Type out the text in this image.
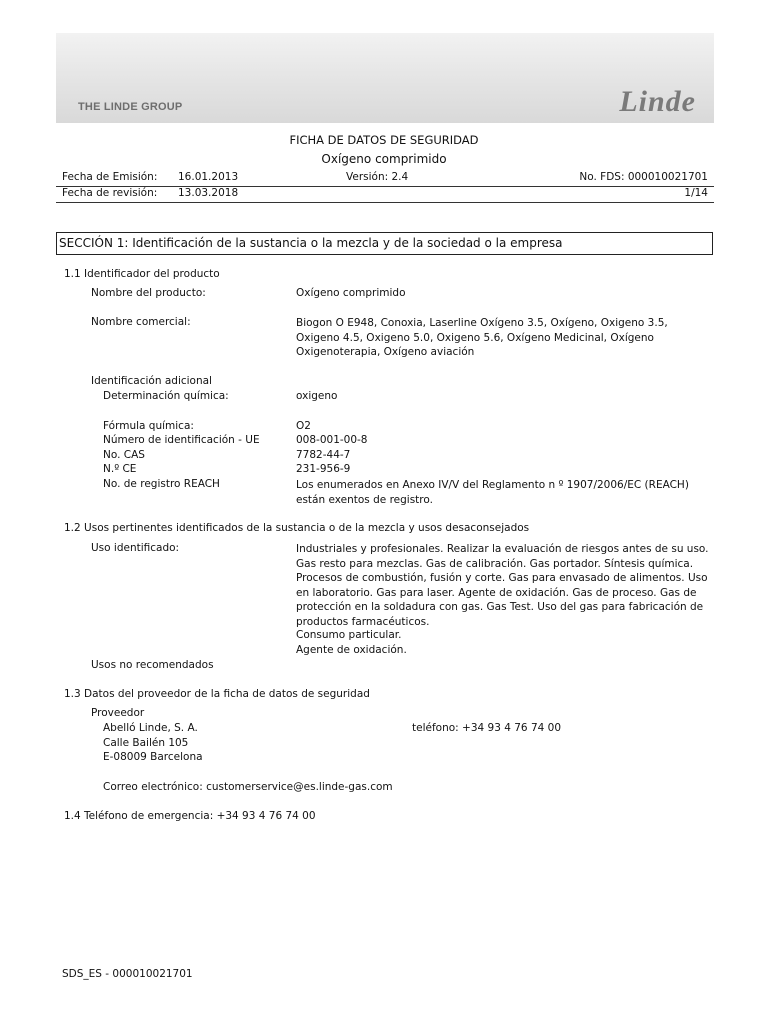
THE LINDE GROUP	Linde
FICHA DE DATOS DE SEGURIDAD
Oxígeno comprimido
Fecha de Emisión: 16.01.2013	Versión: 2.4	No. FDS: 000010021701
Fecha de revisión: 13.03.2018	1/14
SECCIÓN 1: Identificación de la sustancia o la mezcla y de la sociedad o la empresa
1.1 Identificador del producto
Nombre del producto:	Oxígeno comprimido
Nombre comercial:	Biogon O E948, Conoxia, Laserline Oxígeno 3.5, Oxígeno, Oxigeno 3.5, Oxigeno 4.5, Oxigeno 5.0, Oxigeno 5.6, Oxígeno Medicinal, Oxígeno Oxigenoterapia, Oxígeno aviación
Identificación adicional
Determinación química:	oxigeno
Fórmula química:	O2
Número de identificación - UE	008-001-00-8
No. CAS	7782-44-7
N.º CE	231-956-9
No. de registro REACH	Los enumerados en Anexo IV/V del Reglamento n º 1907/2006/EC (REACH) están exentos de registro.
1.2 Usos pertinentes identificados de la sustancia o de la mezcla y usos desaconsejados
Uso identificado:	Industriales y profesionales. Realizar la evaluación de riesgos antes de su uso. Gas resto para mezclas. Gas de calibración. Gas portador. Síntesis química. Procesos de combustión, fusión y corte. Gas para envasado de alimentos. Uso en laboratorio. Gas para laser. Agente de oxidación. Gas de proceso. Gas de protección en la soldadura con gas. Gas Test. Uso del gas para fabricación de productos farmacéuticos.
Consumo particular.
Agente de oxidación.
Usos no recomendados
1.3 Datos del proveedor de la ficha de datos de seguridad
Proveedor
Abelló Linde, S. A.	teléfono: +34 93 4 76 74 00
Calle Bailén 105
E-08009 Barcelona
Correo electrónico: customerservice@es.linde-gas.com
1.4 Teléfono de emergencia: +34 93 4 76 74 00
SDS_ES - 000010021701
